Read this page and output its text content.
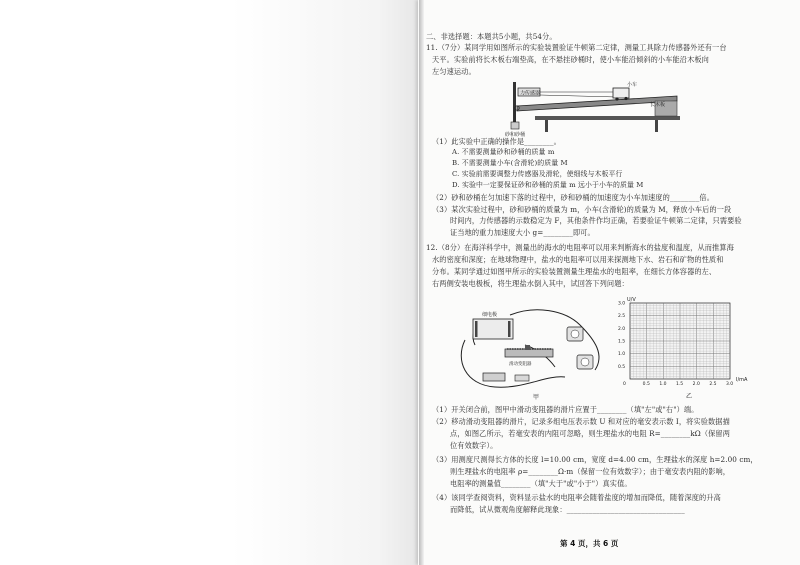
二、非选择题：本题共5小题，共54分。
11.（7分）某同学用如图所示的实验装置验证牛顿第二定律，测量工具除力传感器外还有一台
天平。实验前将长木板右端垫高，在不悬挂砂桶时，使小车能沿倾斜的小车能沿木板向
左匀速运动。
力传感器
小车
长木板
砂和砂桶
（1）此实验中正确的操作是________。
A. 不需要测量砂和砂桶的质量 m
B. 不需要测量小车(含滑轮)的质量 M
C. 实验前需要调整力传感器及滑轮，使细线与木板平行
D. 实验中一定要保证砂和砂桶的质量 m 远小于小车的质量 M
（2）砂和砂桶在匀加速下落的过程中，砂和砂桶的加速度为小车加速度的________倍。
（3）某次实验过程中，砂和砂桶的质量为 m，小车(含滑轮)的质量为 M，释放小车后的一段
时间内，力传感器的示数稳定为 F，其他条件作均正确，若要验证牛顿第二定律，只需要验
证当地的重力加速度大小 g=________即可。
12.（8分）在海洋科学中，测量出的海水的电阻率可以用来判断海水的盐度和温度，从而推算海
水的密度和深度；在地球物理中，盐水的电阻率可以用来探测地下水、岩石和矿物的性质和
分布。某同学通过如图甲所示的实验装置测量生理盐水的电阻率，在细长方体容器的左、
右两侧安装电极板，将生理盐水倒入其中，试回答下列问题：
细电极
滑动变阻器
甲
U/V
I/mA
0
3.0
2.5
2.0
1.5
1.0
0.5
0.5 1.0 1.5 2.0 2.5 3.0
乙
（1）开关闭合前，图甲中滑动变阻器的滑片应置于________（填"左"或"右"）端。
（2）移动滑动变阻器的滑片，记录多组电压表示数 U 和对应的毫安表示数 I，将实验数据描
点，如图乙所示，若毫安表的内阻可忽略，则生理盐水的电阻 R=________kΩ（保留两
位有效数字）。
（3）用测度尺测得长方体的长度 l=10.00 cm，宽度 d=4.00 cm，生理盐水的深度 h=2.00 cm，
则生理盐水的电阻率 ρ=________Ω·m（保留一位有效数字）；由于毫安表内阻的影响，
电阻率的测量值________（填"大于"或"小于"）真实值。
（4）该同学查阅资料，资料显示盐水的电阻率会随着盐度的增加而降低，随着深度的升高
而降低，试从微观角度解释此现象：________________________________
第 4 页，共 6 页
